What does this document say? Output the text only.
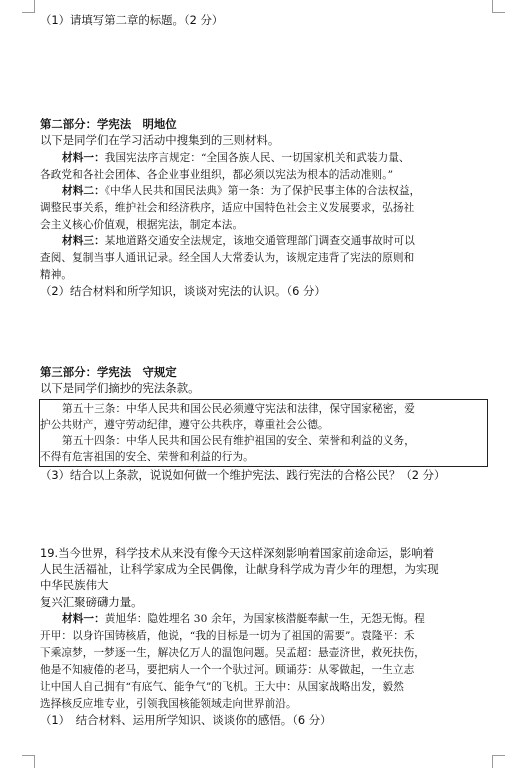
（1）请填写第二章的标题。（2 分）
第二部分：学宪法　明地位
以下是同学们在学习活动中搜集到的三则材料。
材料一：我国宪法序言规定：“全国各族人民、一切国家机关和武装力量、
各政党和各社会团体、各企业事业组织，都必须以宪法为根本的活动准则。”
材料二：《中华人民共和国民法典》第一条：为了保护民事主体的合法权益，
调整民事关系，维护社会和经济秩序，适应中国特色社会主义发展要求，弘扬社
会主义核心价值观，根据宪法，制定本法。
材料三：某地道路交通安全法规定，该地交通管理部门调查交通事故时可以
查阅、复制当事人通讯记录。经全国人大常委认为，该规定违背了宪法的原则和
精神。
（2）结合材料和所学知识，谈谈对宪法的认识。（6 分）
第三部分：学宪法　守规定
以下是同学们摘抄的宪法条款。
第五十三条：中华人民共和国公民必须遵守宪法和法律，保守国家秘密，爱
护公共财产，遵守劳动纪律，遵守公共秩序，尊重社会公德。
第五十四条：中华人民共和国公民有维护祖国的安全、荣誉和利益的义务，
不得有危害祖国的安全、荣誉和利益的行为。
（3）结合以上条款，说说如何做一个维护宪法、践行宪法的合格公民？（2 分）
19.当今世界，科学技术从来没有像今天这样深刻影响着国家前途命运，影响着
人民生活福祉，让科学家成为全民偶像，让献身科学成为青少年的理想，为实现
中华民族伟大
复兴汇聚磅礴力量。
材料一：黄旭华：隐姓埋名 30 余年，为国家核潜艇奉献一生，无怨无悔。程
开甲：以身许国铸核盾，他说，“我的目标是一切为了祖国的需要”。袁隆平：禾
下乘凉梦，一梦逐一生，解决亿万人的温饱问题。吴孟超：悬壶济世，救死扶伤，
他是不知疲倦的老马，要把病人一个一个驮过河。顾诵芬：从零做起，一生立志
让中国人自己拥有“有底气、能争气”的飞机。王大中：从国家战略出发，毅然
选择核反应堆专业，引领我国核能领域走向世界前沿。
（1）　结合材料、运用所学知识、谈谈你的感悟。（6 分）
